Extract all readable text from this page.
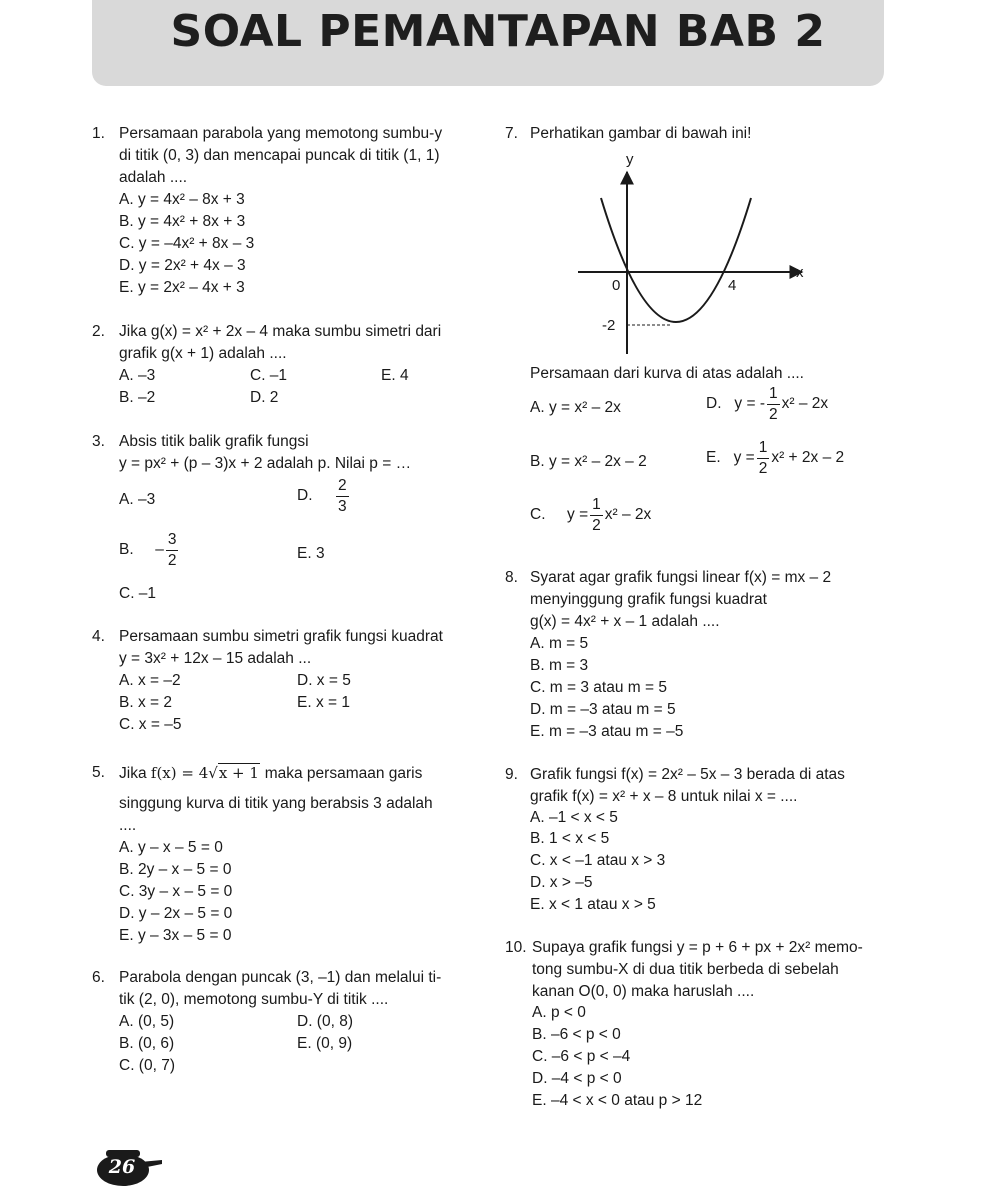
SOAL PEMANTAPAN BAB 2
1. Persamaan parabola yang memotong sumbu-y
di titik (0, 3) dan mencapai puncak di titik (1, 1)
adalah ....
A. y = 4x² – 8x + 3
B. y = 4x² + 8x + 3
C. y = –4x² + 8x – 3
D. y = 2x² + 4x – 3
E. y = 2x² – 4x + 3
2. Jika g(x) = x² + 2x – 4 maka sumbu simetri dari
grafik g(x + 1) adalah ....
A. –3	C. –1	E. 4
B. –2	D. 2
3. Absis titik balik grafik fungsi
y = px² + (p – 3)x + 2 adalah p. Nilai p = …
A. –3	D. $\frac{2}{3}$
B. – $\frac{3}{2}$	E. 3
C. –1
4. Persamaan sumbu simetri grafik fungsi kuadrat
y = 3x² + 12x – 15 adalah ...
A. x = –2	D. x = 5
B. x = 2	E. x = 1
C. x = –5
5. Jika f(x) = 4√x + 1 maka persamaan garis
singgung kurva di titik yang berabsis 3 adalah
....
A. y – x – 5 = 0
B. 2y – x – 5 = 0
C. 3y – x – 5 = 0
D. y – 2x – 5 = 0
E. y – 3x – 5 = 0
6. Parabola dengan puncak (3, –1) dan melalui ti-
tik (2, 0), memotong sumbu-Y di titik ....
A. (0, 5)	D. (0, 8)
B. (0, 6)	E. (0, 9)
C. (0, 7)
7. Perhatikan gambar di bawah ini!
y
x
0	4
-2
Persamaan dari kurva di atas adalah ....
A. y = x² – 2x	D. y = - $\frac{1}{2} x^2 - 2x$
B. y = x² – 2x – 2	E. $y = \frac{1}{2} x^2 + 2x - 2$
C. $y = \frac{1}{2} x^2 - 2x$
8. Syarat agar grafik fungsi linear f(x) = mx – 2
menyinggung grafik fungsi kuadrat
g(x) = 4x² + x – 1 adalah ....
A. m = 5
B. m = 3
C. m = 3 atau m = 5
D. m = –3 atau m = 5
E. m = –3 atau m = –5
9. Grafik fungsi f(x) = 2x² – 5x – 3 berada di atas
grafik f(x) = x² + x – 8 untuk nilai x = ....
A. –1 < x < 5
B. 1 < x < 5
C. x < –1 atau x > 3
D. x > –5
E. x < 1 atau x > 5
10. Supaya grafik fungsi y = p + 6 + px + 2x² memo-
tong sumbu-X di dua titik berbeda di sebelah
kanan O(0, 0) maka haruslah ....
A. p < 0
B. –6 < p < 0
C. –6 < p < –4
D. –4 < p < 0
E. –4 < x < 0 atau p > 12
26
